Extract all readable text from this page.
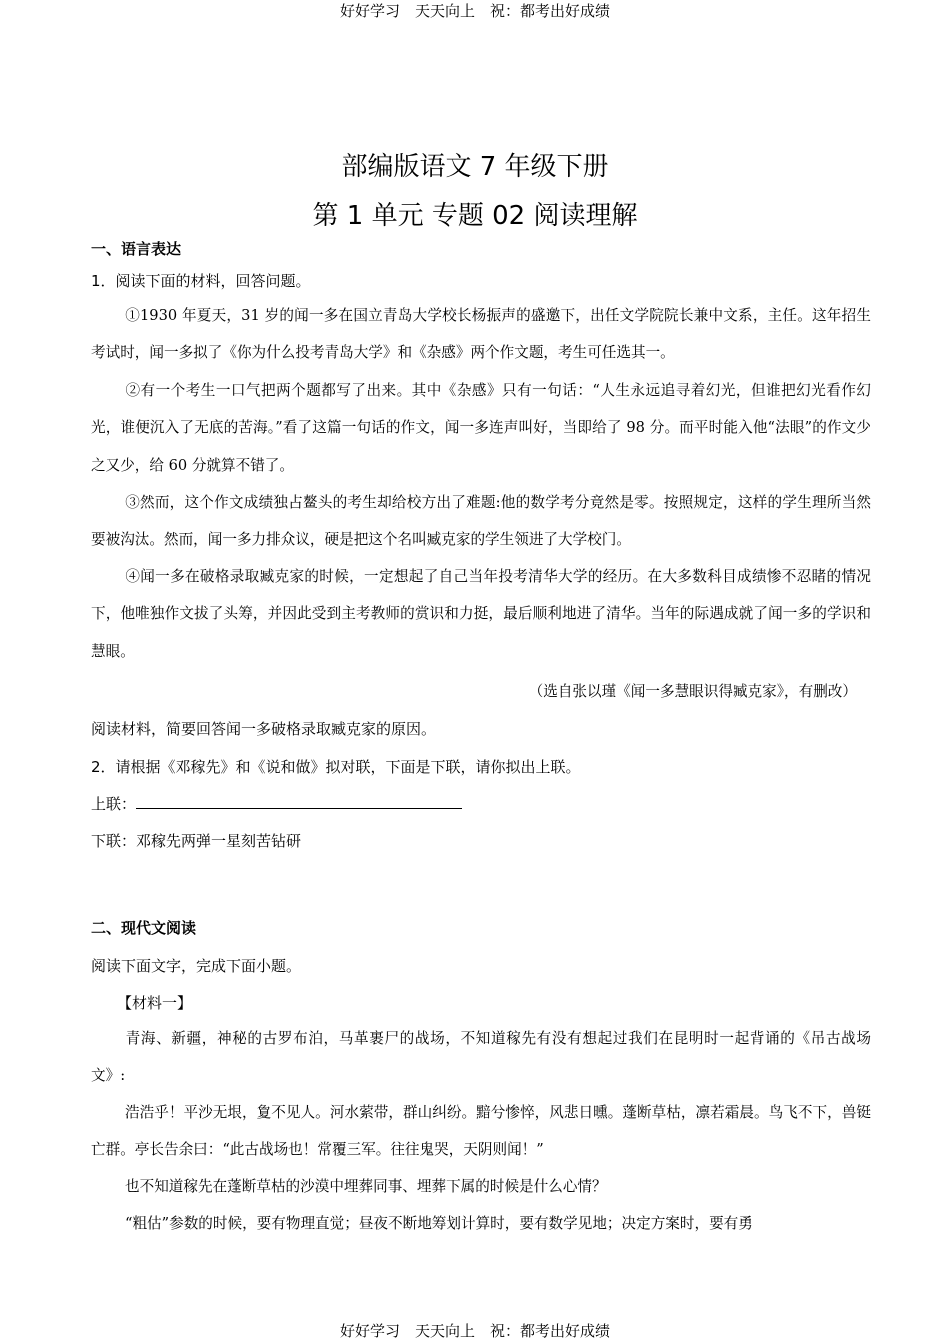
好好学习　天天向上　祝：都考出好成绩
部编版语文 7 年级下册
第 1 单元 专题 02 阅读理解
一、语言表达
1．阅读下面的材料，回答问题。
①1930 年夏天，31 岁的闻一多在国立青岛大学校长杨振声的盛邀下，出任文学院院长兼中文系，主任。这年招生考试时，闻一多拟了《你为什么投考青岛大学》和《杂感》两个作文题，考生可任选其一。
②有一个考生一口气把两个题都写了出来。其中《杂感》只有一句话：“人生永远追寻着幻光，但谁把幻光看作幻光，谁便沉入了无底的苦海。”看了这篇一句话的作文，闻一多连声叫好，当即给了 98 分。而平时能入他“法眼”的作文少之又少，给 60 分就算不错了。
③然而，这个作文成绩独占鳌头的考生却给校方出了难题:他的数学考分竟然是零。按照规定，这样的学生理所当然要被沟汰。然而，闻一多力排众议，硬是把这个名叫臧克家的学生领进了大学校门。
④闻一多在破格录取臧克家的时候，一定想起了自己当年投考清华大学的经历。在大多数科目成绩惨不忍睹的情况下，他唯独作文拔了头筹，并因此受到主考教师的赏识和力挺，最后顺利地进了清华。当年的际遇成就了闻一多的学识和慧眼。
（选自张以瑾《闻一多慧眼识得臧克家》，有删改）
阅读材料，简要回答闻一多破格录取臧克家的原因。
2．请根据《邓稼先》和《说和做》拟对联，下面是下联，请你拟出上联。
上联：
下联：邓稼先两弹一星刻苦钻研
二、现代文阅读
阅读下面文字，完成下面小题。
【材料一】
青海、新疆，神秘的古罗布泊，马革裹尸的战场，不知道稼先有没有想起过我们在昆明时一起背诵的《吊古战场文》:
浩浩乎！平沙无垠，夐不见人。河水萦带，群山纠纷。黯兮惨悴，风悲日曛。蓬断草枯，凛若霜晨。鸟飞不下，兽铤亡群。亭长告余曰：“此古战场也！常覆三军。往往鬼哭，天阴则闻！”
也不知道稼先在蓬断草枯的沙漠中埋葬同事、埋葬下属的时候是什么心情？
“粗估”参数的时候，要有物理直觉；昼夜不断地筹划计算时，要有数学见地；决定方案时，要有勇
好好学习　天天向上　祝：都考出好成绩
